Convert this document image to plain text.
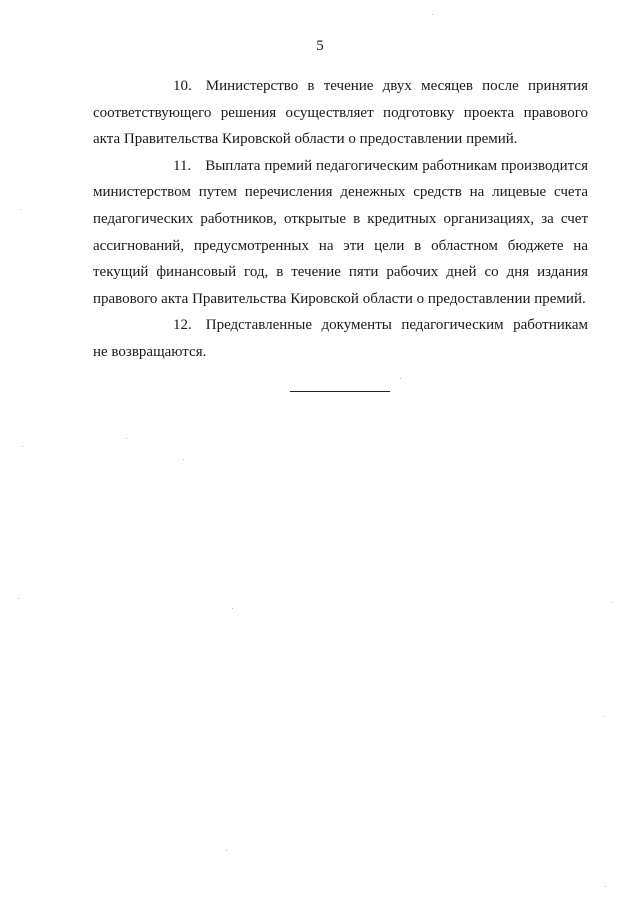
5

10. Министерство в течение двух месяцев после принятия соответствующего решения осуществляет подготовку проекта правового акта Правительства Кировской области о предоставлении премий.

11. Выплата премий педагогическим работникам производится министерством путем перечисления денежных средств на лицевые счета педагогических работников, открытые в кредитных организациях, за счет ассигнований, предусмотренных на эти цели в областном бюджете на текущий финансовый год, в течение пяти рабочих дней со дня издания правового акта Правительства Кировской области о предоставлении премий.

12. Представленные документы педагогическим работникам не возвращаются.
